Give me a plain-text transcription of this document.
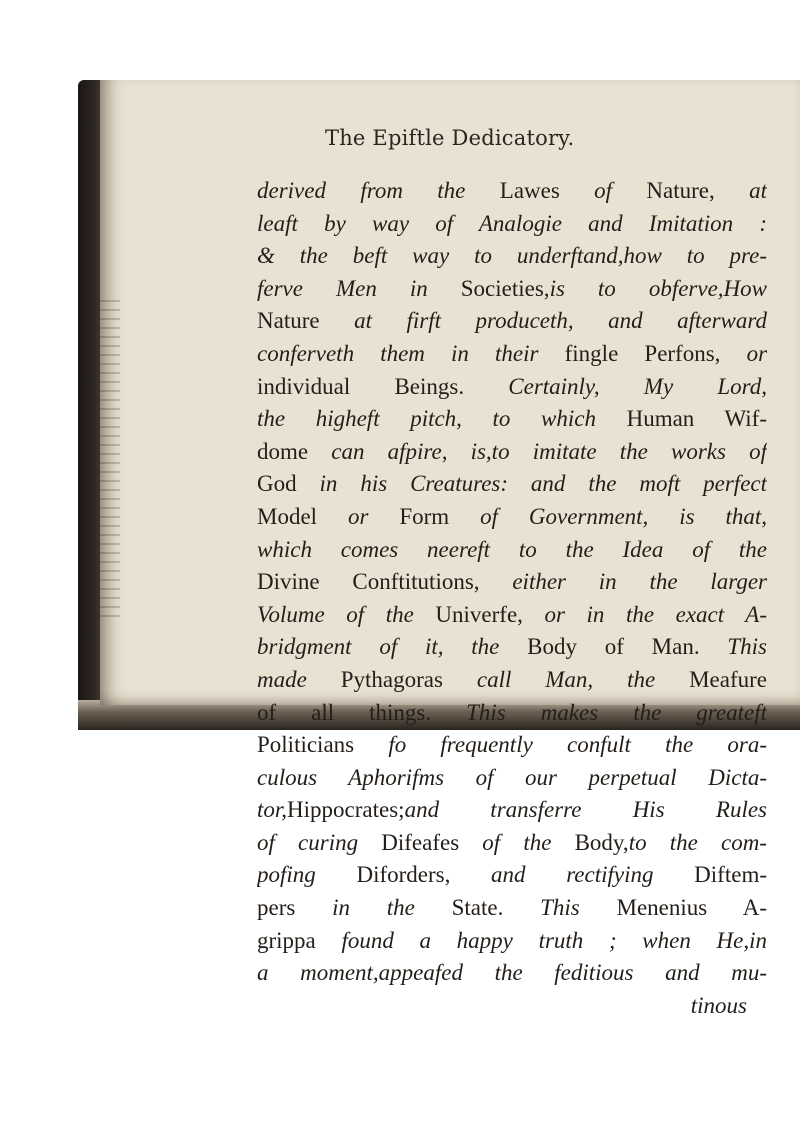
The Epiftle Dedicatory.
derived from the Lawes of Nature, at
leaft by way of Analogie and Imitation :
& the beft way to underftand,how to pre-
ferve Men in Societies,is to obferve,How
Nature at firft produceth, and afterward
conferveth them in their fingle Perfons, or
individual Beings. Certainly, My Lord,
the higheft pitch, to which Human Wif-
dome can afpire, is,to imitate the works of
God in his Creatures: and the moft perfect
Model or Form of Government, is that,
which comes neereft to the Idea of the
Divine Conftitutions, either in the larger
Volume of the Univerfe, or in the exact A-
bridgment of it, the Body of Man. This
made Pythagoras call Man, the Meafure
of all things. This makes the greateft
Politicians fo frequently confult the ora-
culous Aphorifms of our perpetual Dicta-
tor,Hippocrates;and transferre His Rules
of curing Difeafes of the Body,to the com-
pofing Diforders, and rectifying Diftem-
pers in the State. This Menenius A-
grippa found a happy truth ; when He,in
a moment,appeafed the feditious and mu-
tinous
